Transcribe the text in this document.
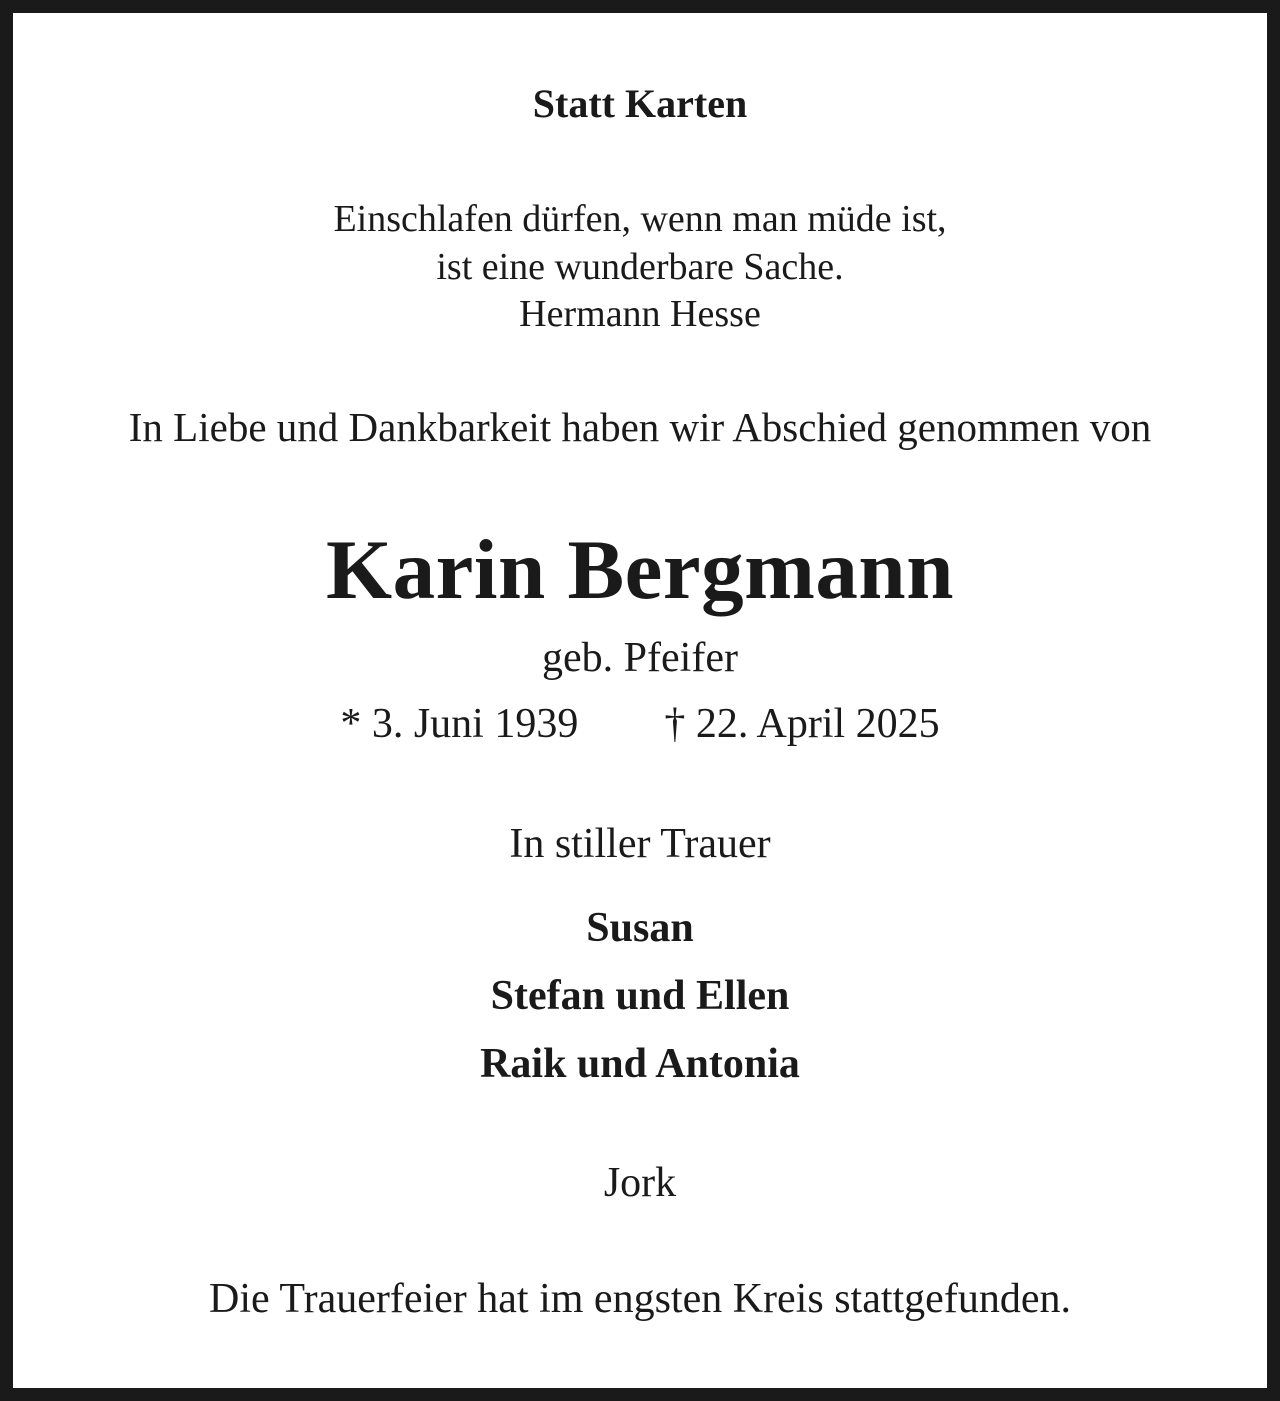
Statt Karten
Einschlafen dürfen, wenn man müde ist,
ist eine wunderbare Sache.
Hermann Hesse
In Liebe und Dankbarkeit haben wir Abschied genommen von
Karin Bergmann
geb. Pfeifer
* 3. Juni 1939 † 22. April 2025
In stiller Trauer
Susan
Stefan und Ellen
Raik und Antonia
Jork
Die Trauerfeier hat im engsten Kreis stattgefunden.
